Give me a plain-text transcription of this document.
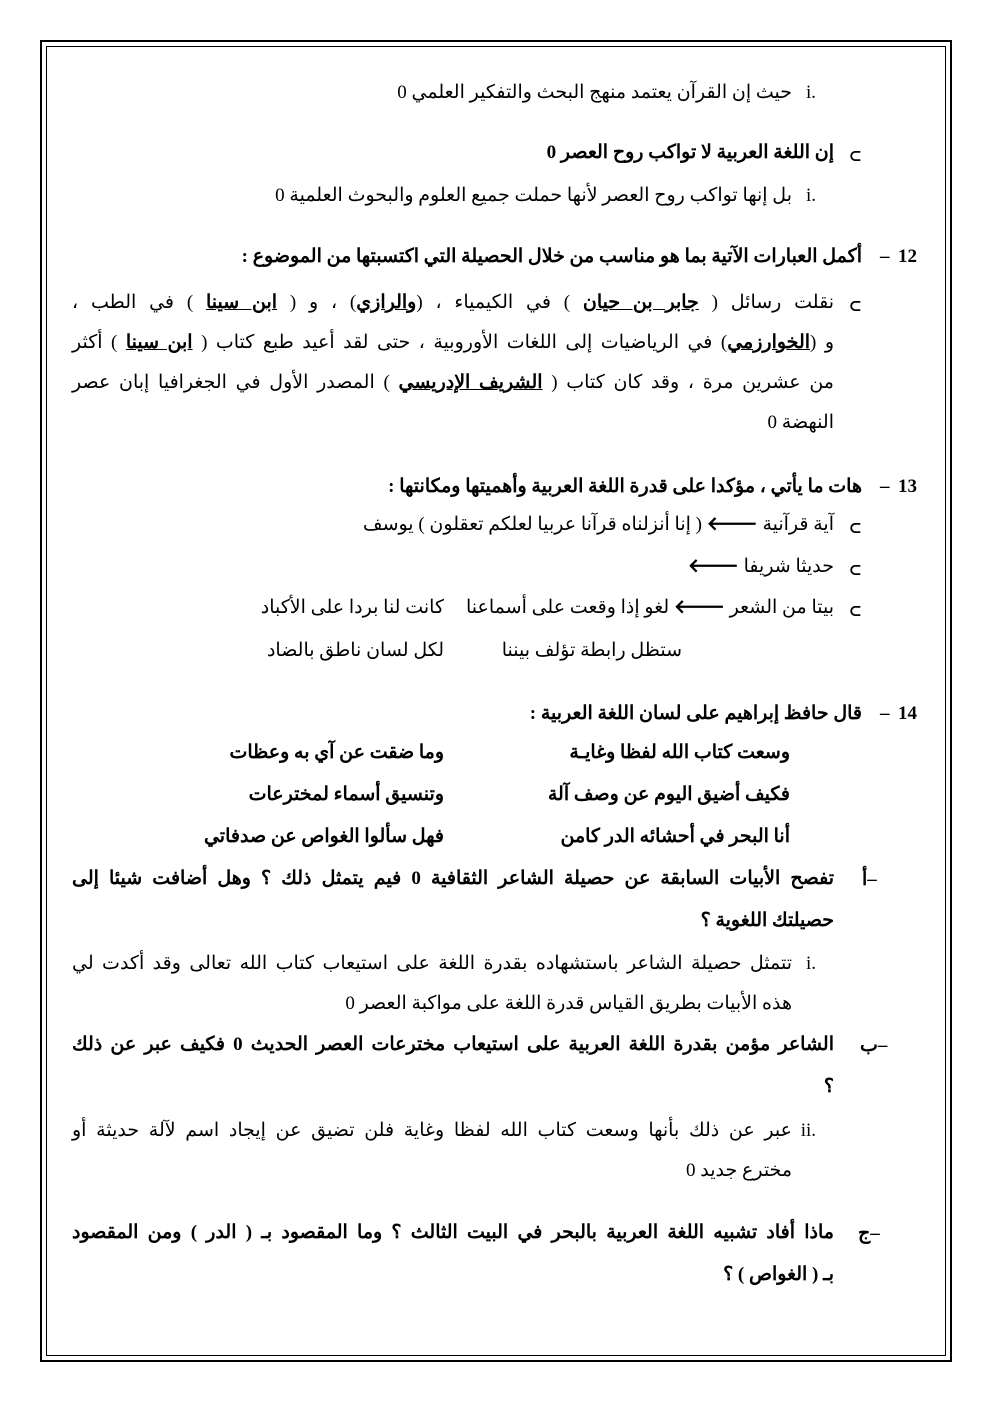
i.
حيث إن القرآن يعتمد منهج البحث والتفكير العلمي 0
⊂
إن اللغة العربية لا تواكب روح العصر 0
i.
بل إنها تواكب روح العصر لأنها حملت جميع العلوم والبحوث العلمية 0
12
–
أكمل العبارات الآتية بما هو مناسب من خلال الحصيلة التي اكتسبتها من الموضوع :
⊂
نقلت رسائل ( جابر بن حيان ) في الكيمياء ، (والرازي) ، و ( ابن سينا ) في الطب ،
و (الخوارزمي) في الرياضيات إلى اللغات الأوروبية ، حتى لقد أعيد طبع كتاب ( ابن سينا ) أكثر
من عشرين مرة ، وقد كان كتاب ( الشريف الإدريسي ) المصدر الأول في الجغرافيا إبان عصر
النهضة 0
13
–
هات ما يأتي ، مؤكدا على قدرة اللغة العربية وأهميتها ومكانتها :
⊂
آية قرآنية 🡐 ( إنا أنزلناه قرآنا عربيا لعلكم تعقلون ) يوسف
⊂
حديثا شريفا 🡐
⊂
بيتا من الشعر 🡐 لغو إذا وقعت على أسماعنا
كانت لنا بردا على الأكباد
ستظل رابطة تؤلف بيننا
لكل لسان ناطق بالضاد
14
–
قال حافظ إبراهيم على لسان اللغة العربية :
وسعت كتاب الله لفظا وغايـة
وما ضقت عن آي به وعظات
فكيف أضيق اليوم عن وصف آلة
وتنسيق أسماء لمخترعات
أنا البحر في أحشائه الدر كامن
فهل سألوا الغواص عن صدفاتي
أ–
تفصح الأبيات السابقة عن حصيلة الشاعر الثقافية 0 فيم يتمثل ذلك ؟ وهل أضافت شيئا إلى
حصيلتك اللغوية ؟
i.
تتمثل حصيلة الشاعر باستشهاده بقدرة اللغة على استيعاب كتاب الله تعالى وقد أكدت لي
هذه الأبيات بطريق القياس قدرة اللغة على مواكبة العصر 0
ب–
الشاعر مؤمن بقدرة اللغة العربية على استيعاب مخترعات العصر الحديث 0 فكيف عبر عن ذلك
؟
ii.
عبر عن ذلك بأنها وسعت كتاب الله لفظا وغاية فلن تضيق عن إيجاد اسم لآلة حديثة أو
مخترع جديد 0
ج–
ماذا أفاد تشبيه اللغة العربية بالبحر في البيت الثالث ؟ وما المقصود بـ ( الدر ) ومن المقصود
بـ ( الغواص ) ؟
